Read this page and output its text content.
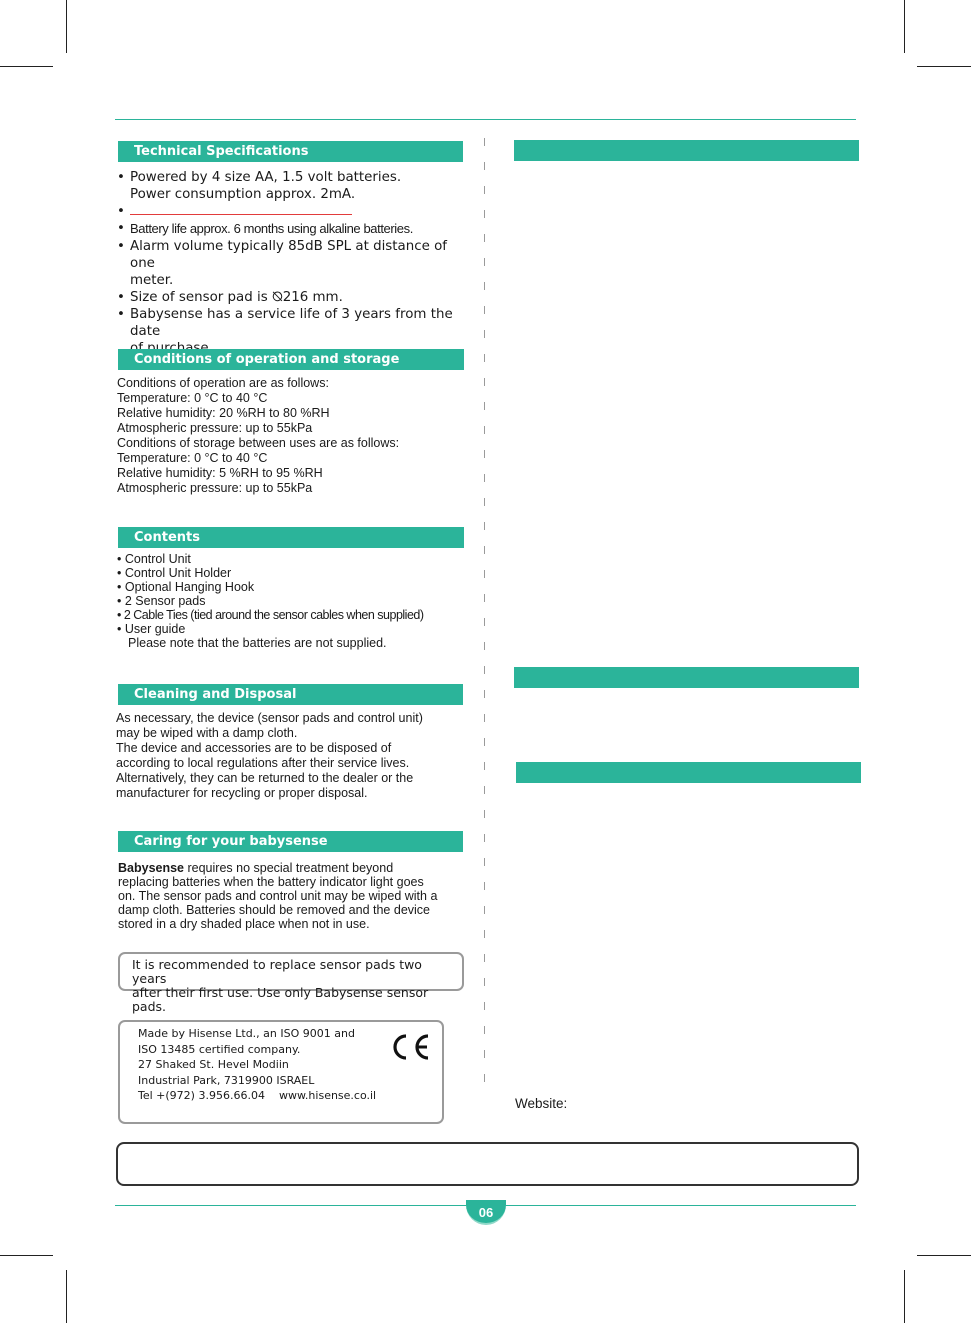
Technical Specifications
• Powered by 4 size AA, 1.5 volt batteries.
Power consumption approx. 2mA.
•
• Battery life approx. 6 months using alkaline batteries.
• Alarm volume typically 85dB SPL at distance of one
meter.
• Size of sensor pad is ⦰216 mm.
• Babysense has a service life of 3 years from the date

Conditions of operation and storage
Conditions of operation are as follows:
Temperature: 0 °C to 40 °C
Relative humidity: 20 %RH to 80 %RH
Atmospheric pressure: up to 55kPa
Conditions of storage between uses are as follows:
Temperature: 0 °C to 40 °C
Relative humidity: 5 %RH to 95 %RH
Atmospheric pressure: up to 55kPa
Contents
• Control Unit
• Control Unit Holder
• Optional Hanging Hook
• 2 Sensor pads
• 2 Cable Ties (tied around the sensor cables when supplied)
• User guide
Please note that the batteries are not supplied.
Cleaning and Disposal
As necessary, the device (sensor pads and control unit)
may be wiped with a damp cloth.
The device and accessories are to be disposed of
according to local regulations after their service lives.
Alternatively, they can be returned to the dealer or the
manufacturer for recycling or proper disposal.
Caring for your babysense
Babysense requires no special treatment beyond
replacing batteries when the battery indicator light goes
on. The sensor pads and control unit may be wiped with a
damp cloth. Batteries should be removed and the device
stored in a dry shaded place when not in use.
It is recommended to replace sensor pads two years
after their first use. Use only Babysense sensor pads.
Made by Hisense Ltd., an ISO 9001 and
ISO 13485 certified company.
27 Shaked St. Hevel Modiin
Industrial Park, 7319900 ISRAEL
Tel +(972) 3.956.66.04 www.hisense.co.il
Website:
06
